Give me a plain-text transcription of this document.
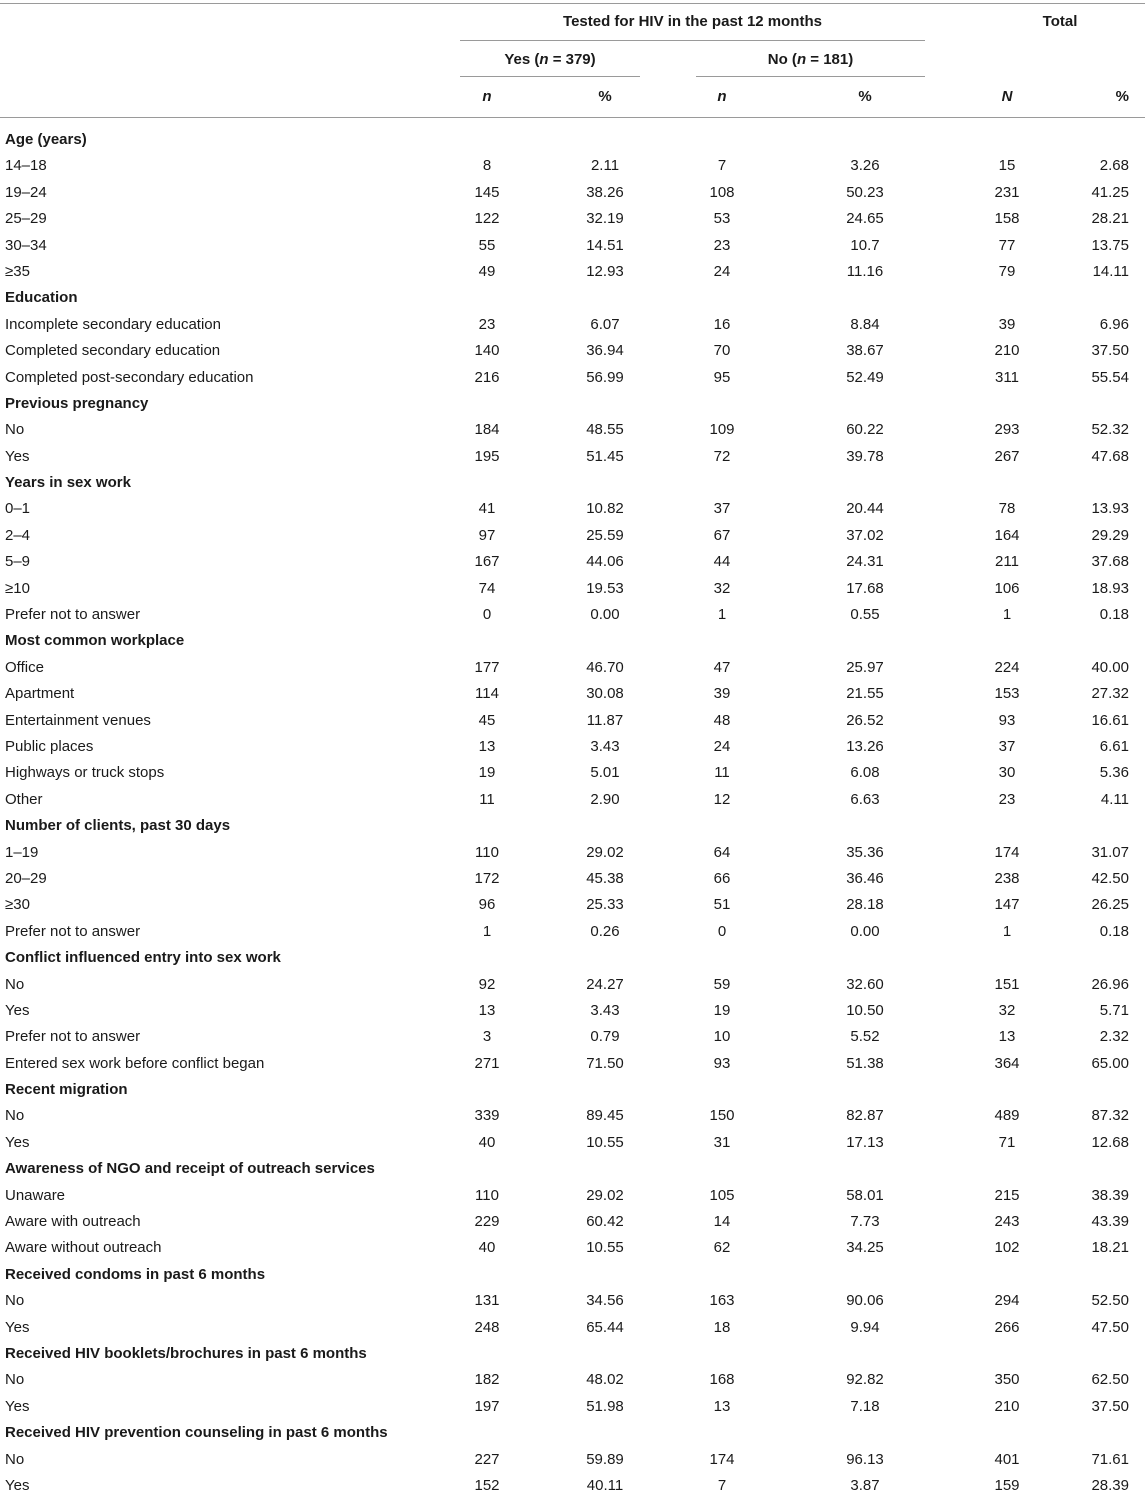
Tested for HIV in the past 12 months	Total
Yes (n = 379)	No (n = 181)
n	%	n	%	N	%
Age (years)
14–18	8	2.11	7	3.26	15	2.68
19–24	145	38.26	108	50.23	231	41.25
25–29	122	32.19	53	24.65	158	28.21
30–34	55	14.51	23	10.7	77	13.75
≥35	49	12.93	24	11.16	79	14.11
Education
Incomplete secondary education	23	6.07	16	8.84	39	6.96
Completed secondary education	140	36.94	70	38.67	210	37.50
Completed post-secondary education	216	56.99	95	52.49	311	55.54
Previous pregnancy
No	184	48.55	109	60.22	293	52.32
Yes	195	51.45	72	39.78	267	47.68
Years in sex work
0–1	41	10.82	37	20.44	78	13.93
2–4	97	25.59	67	37.02	164	29.29
5–9	167	44.06	44	24.31	211	37.68
≥10	74	19.53	32	17.68	106	18.93
Prefer not to answer	0	0.00	1	0.55	1	0.18
Most common workplace
Office	177	46.70	47	25.97	224	40.00
Apartment	114	30.08	39	21.55	153	27.32
Entertainment venues	45	11.87	48	26.52	93	16.61
Public places	13	3.43	24	13.26	37	6.61
Highways or truck stops	19	5.01	11	6.08	30	5.36
Other	11	2.90	12	6.63	23	4.11
Number of clients, past 30 days
1–19	110	29.02	64	35.36	174	31.07
20–29	172	45.38	66	36.46	238	42.50
≥30	96	25.33	51	28.18	147	26.25
Prefer not to answer	1	0.26	0	0.00	1	0.18
Conflict influenced entry into sex work
No	92	24.27	59	32.60	151	26.96
Yes	13	3.43	19	10.50	32	5.71
Prefer not to answer	3	0.79	10	5.52	13	2.32
Entered sex work before conflict began	271	71.50	93	51.38	364	65.00
Recent migration
No	339	89.45	150	82.87	489	87.32
Yes	40	10.55	31	17.13	71	12.68
Awareness of NGO and receipt of outreach services
Unaware	110	29.02	105	58.01	215	38.39
Aware with outreach	229	60.42	14	7.73	243	43.39
Aware without outreach	40	10.55	62	34.25	102	18.21
Received condoms in past 6 months
No	131	34.56	163	90.06	294	52.50
Yes	248	65.44	18	9.94	266	47.50
Received HIV booklets/brochures in past 6 months
No	182	48.02	168	92.82	350	62.50
Yes	197	51.98	13	7.18	210	37.50
Received HIV prevention counseling in past 6 months
No	227	59.89	174	96.13	401	71.61
Yes	152	40.11	7	3.87	159	28.39
